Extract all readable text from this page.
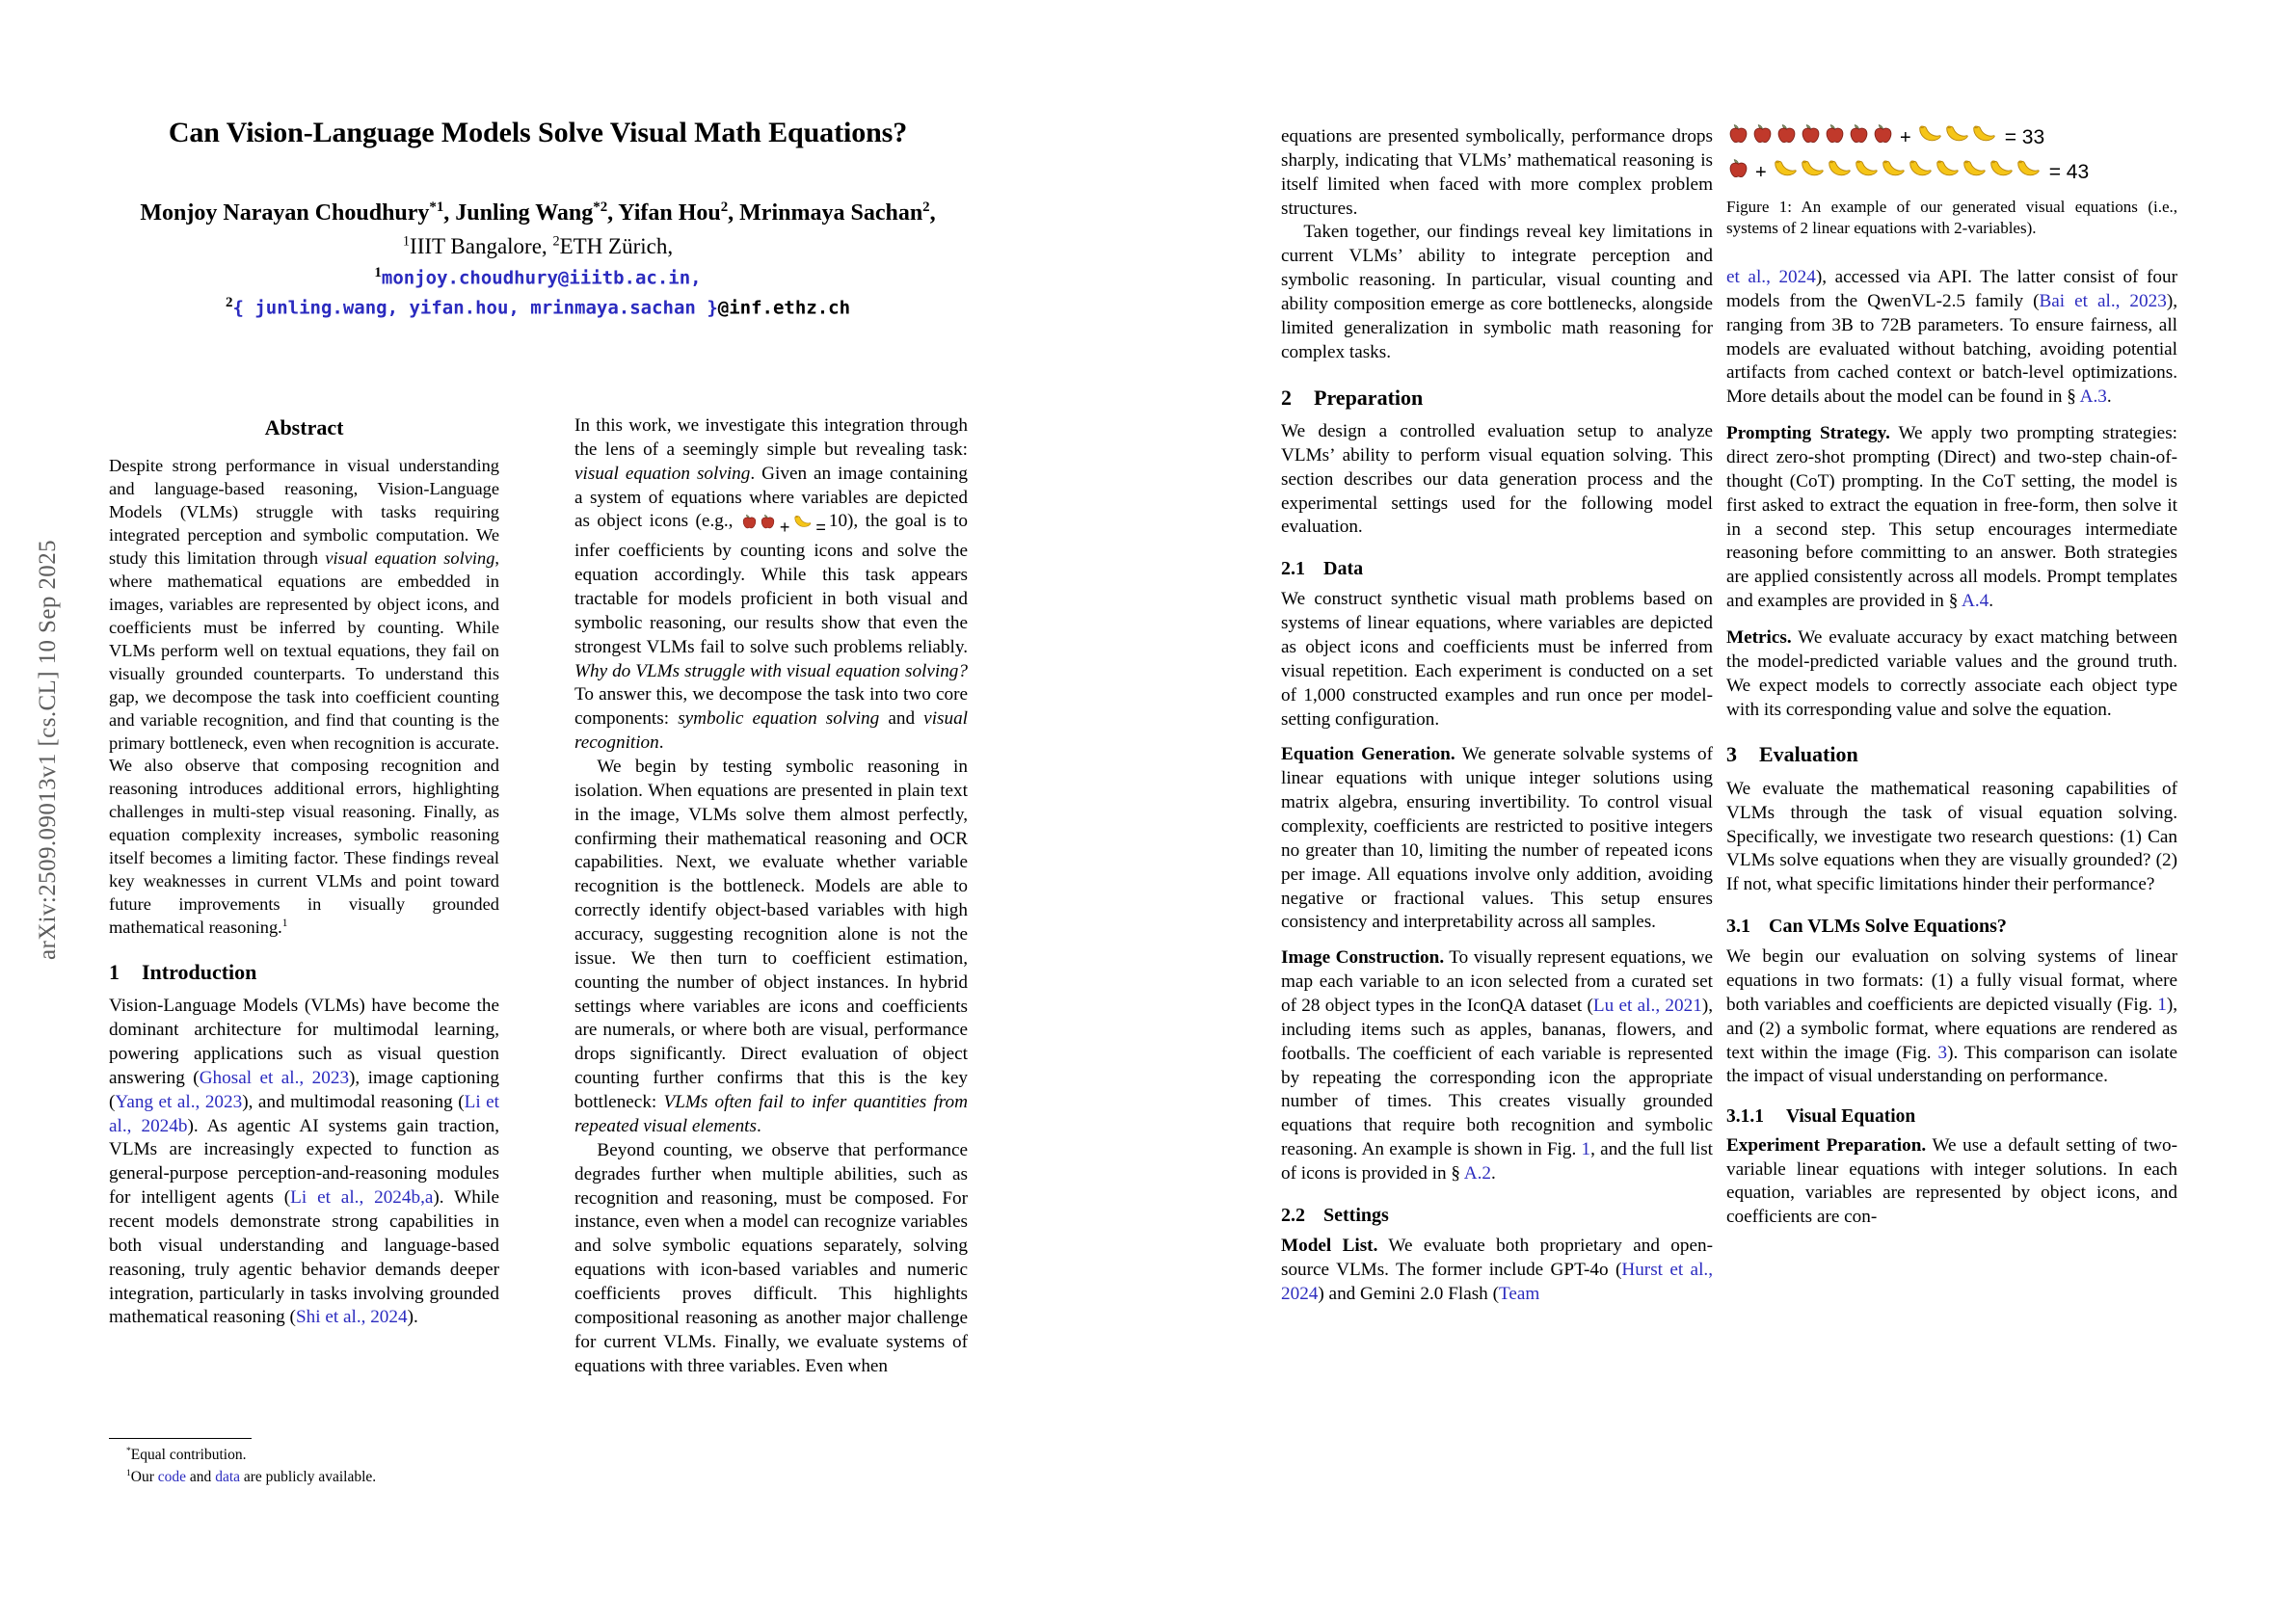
arXiv:2509.09013v1 [cs.CL] 10 Sep 2025
Can Vision-Language Models Solve Visual Math Equations?
Monjoy Narayan Choudhury$^{*1}$, Junling Wang$^{*2}$, Yifan Hou$^2$, Mrinmaya Sachan$^2$,
$^1$IIIT Bangalore, $^2$ETH Zürich,
$^1$monjoy.choudhury@iiitb.ac.in,
$^2${ junling.wang, yifan.hou, mrinmaya.sachan }@inf.ethz.ch
Abstract

Despite strong performance in visual understanding and language-based reasoning, Vision-Language Models (VLMs) struggle with tasks requiring integrated perception and symbolic computation. We study this limitation through visual equation solving, where mathematical equations are embedded in images, variables are represented by object icons, and coefficients must be inferred by counting. While VLMs perform well on textual equations, they fail on visually grounded counterparts. To understand this gap, we decompose the task into coefficient counting and variable recognition, and find that counting is the primary bottleneck, even when recognition is accurate. We also observe that composing recognition and reasoning introduces additional errors, highlighting challenges in multi-step visual reasoning. Finally, as equation complexity increases, symbolic reasoning itself becomes a limiting factor. These findings reveal key weaknesses in current VLMs and point toward future improvements in visually grounded mathematical reasoning.$^1$

1 Introduction

Vision-Language Models (VLMs) have become the dominant architecture for multimodal learning, powering applications such as visual question answering (Ghosal et al., 2023), image captioning (Yang et al., 2023), and multimodal reasoning (Li et al., 2024b). As agentic AI systems gain traction, VLMs are increasingly expected to function as general-purpose perception-and-reasoning modules for intelligent agents (Li et al., 2024b,a). While recent models demonstrate strong capabilities in both visual understanding and language-based reasoning, truly agentic behavior demands deeper integration, particularly in tasks involving grounded mathematical reasoning (Shi et al., 2024).

*Equal contribution.

$^1$Our code and data are publicly available.

In this work, we investigate this integration through the lens of a seemingly simple but revealing task: visual equation solving. Given an image containing a system of equations where variables are depicted as object icons (e.g., + = 10), the goal is to infer coefficients by counting icons and solve the equation accordingly. While this task appears tractable for models proficient in both visual and symbolic reasoning, our results show that even the strongest VLMs fail to solve such problems reliably. Why do VLMs struggle with visual equation solving? To answer this, we decompose the task into two core components: symbolic equation solving and visual recognition.

We begin by testing symbolic reasoning in isolation. When equations are presented in plain text in the image, VLMs solve them almost perfectly, confirming their mathematical reasoning and OCR capabilities. Next, we evaluate whether variable recognition is the bottleneck. Models are able to correctly identify object-based variables with high accuracy, suggesting recognition alone is not the issue. We then turn to coefficient estimation, counting the number of object instances. In hybrid settings where variables are icons and coefficients are numerals, or where both are visual, performance drops significantly. Direct evaluation of object counting further confirms that this is the key bottleneck: VLMs often fail to infer quantities from repeated visual elements.

Beyond counting, we observe that performance degrades further when multiple abilities, such as recognition and reasoning, must be composed. For instance, even when a model can recognize variables and solve symbolic equations separately, solving equations with icon-based variables and numeric coefficients proves difficult. This highlights compositional reasoning as another major challenge for current VLMs. Finally, we evaluate systems of equations with three variables. Even when

equations are presented symbolically, performance drops sharply, indicating that VLMs’ mathematical reasoning is itself limited when faced with more complex problem structures.

Taken together, our findings reveal key limitations in current VLMs’ ability to integrate perception and symbolic reasoning. In particular, visual counting and ability composition emerge as core bottlenecks, alongside limited generalization in symbolic math reasoning for complex tasks.

2 Preparation

We design a controlled evaluation setup to analyze VLMs’ ability to perform visual equation solving. This section describes our data generation process and the experimental settings used for the following model evaluation.

2.1 Data

We construct synthetic visual math problems based on systems of linear equations, where variables are depicted as object icons and coefficients must be inferred from visual repetition. Each experiment is conducted on a set of 1,000 constructed examples and run once per model-setting configuration.

Equation Generation. We generate solvable systems of linear equations with unique integer solutions using matrix algebra, ensuring invertibility. To control visual complexity, coefficients are restricted to positive integers no greater than 10, limiting the number of repeated icons per image. All equations involve only addition, avoiding negative or fractional values. This setup ensures consistency and interpretability across all samples.

Image Construction. To visually represent equations, we map each variable to an icon selected from a curated set of 28 object types in the IconQA dataset (Lu et al., 2021), including items such as apples, bananas, flowers, and footballs. The coefficient of each variable is represented by repeating the corresponding icon the appropriate number of times. This creates visually grounded equations that require both recognition and symbolic reasoning. An example is shown in Fig. 1, and the full list of icons is provided in § A.2.

2.2 Settings

Model List. We evaluate both proprietary and open-source VLMs. The former include GPT-4o (Hurst et al., 2024) and Gemini 2.0 Flash (Team

+	= 33
+	= 43
Figure 1: An example of our generated visual equations (i.e., systems of 2 linear equations with 2-variables).

et al., 2024), accessed via API. The latter consist of four models from the QwenVL-2.5 family (Bai et al., 2023), ranging from 3B to 72B parameters. To ensure fairness, all models are evaluated without batching, avoiding potential artifacts from cached context or batch-level optimizations. More details about the model can be found in § A.3.

Prompting Strategy. We apply two prompting strategies: direct zero-shot prompting (Direct) and two-step chain-of-thought (CoT) prompting. In the CoT setting, the model is first asked to extract the equation in free-form, then solve it in a second step. This setup encourages intermediate reasoning before committing to an answer. Both strategies are applied consistently across all models. Prompt templates and examples are provided in § A.4.

Metrics. We evaluate accuracy by exact matching between the model-predicted variable values and the ground truth. We expect models to correctly associate each object type with its corresponding value and solve the equation.

3 Evaluation

We evaluate the mathematical reasoning capabilities of VLMs through the task of visual equation solving. Specifically, we investigate two research questions: (1) Can VLMs solve equations when they are visually grounded? (2) If not, what specific limitations hinder their performance?

3.1 Can VLMs Solve Equations?

We begin our evaluation on solving systems of linear equations in two formats: (1) a fully visual format, where both variables and coefficients are depicted visually (Fig. 1), and (2) a symbolic format, where equations are rendered as text within the image (Fig. 3). This comparison can isolate the impact of visual understanding on performance.

3.1.1 Visual Equation

Experiment Preparation. We use a default setting of two-variable linear equations with integer solutions. In each equation, variables are represented by object icons, and coefficients are con-
